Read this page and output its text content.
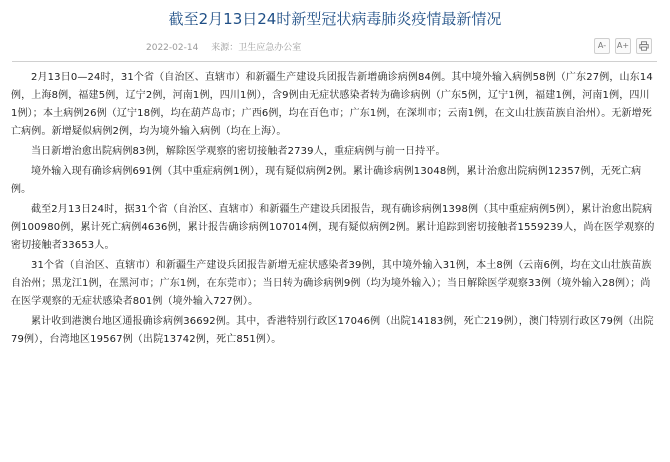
截至2月13日24时新型冠状病毒肺炎疫情最新情况
2022-02-14 来源：卫生应急办公室	A-	A+

2月13日0—24时，31个省（自治区、直辖市）和新疆生产建设兵团报告新增确诊病例84例。其中境外输入病例58例（广东27例，山东14例，上海8例，福建5例，辽宁2例，河南1例，四川1例），含9例由无症状感染者转为确诊病例（广东5例，辽宁1例，福建1例，河南1例，四川1例）；本土病例26例（辽宁18例，均在葫芦岛市；广西6例，均在百色市；广东1例，在深圳市；云南1例，在文山壮族苗族自治州）。无新增死亡病例。新增疑似病例2例，均为境外输入病例（均在上海）。

当日新增治愈出院病例83例，解除医学观察的密切接触者2739人，重症病例与前一日持平。

境外输入现有确诊病例691例（其中重症病例1例），现有疑似病例2例。累计确诊病例13048例，累计治愈出院病例12357例，无死亡病例。

截至2月13日24时，据31个省（自治区、直辖市）和新疆生产建设兵团报告，现有确诊病例1398例（其中重症病例5例），累计治愈出院病例100980例，累计死亡病例4636例，累计报告确诊病例107014例，现有疑似病例2例。累计追踪到密切接触者1559239人，尚在医学观察的密切接触者33653人。

31个省（自治区、直辖市）和新疆生产建设兵团报告新增无症状感染者39例，其中境外输入31例，本土8例（云南6例，均在文山壮族苗族自治州；黑龙江1例，在黑河市；广东1例，在东莞市）；当日转为确诊病例9例（均为境外输入）；当日解除医学观察33例（境外输入28例）；尚在医学观察的无症状感染者801例（境外输入727例）。

累计收到港澳台地区通报确诊病例36692例。其中，香港特别行政区17046例（出院14183例，死亡219例），澳门特别行政区79例（出院79例），台湾地区19567例（出院13742例，死亡851例）。
